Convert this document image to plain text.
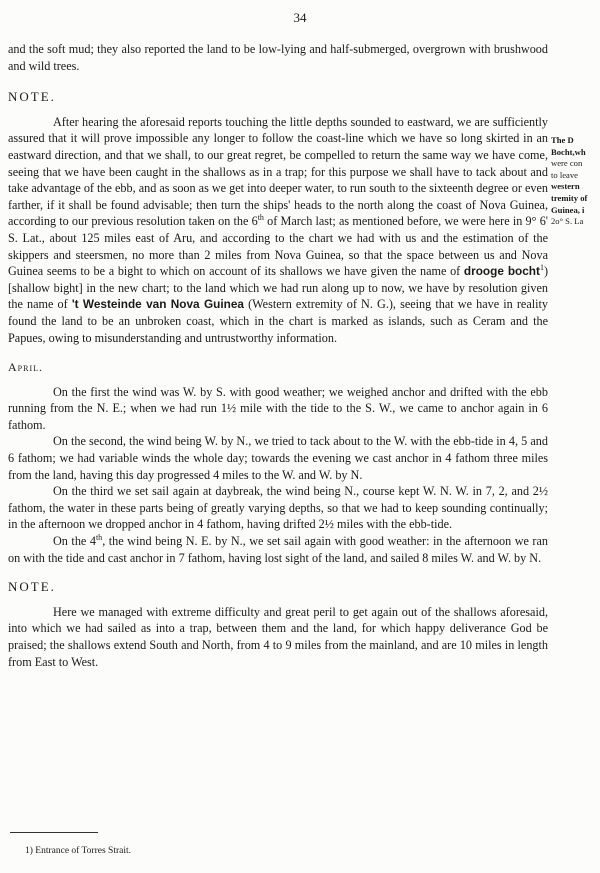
34

and the soft mud; they also reported the land to be low-lying and half-submerged, overgrown with brushwood and wild trees.

NOTE.

After hearing the aforesaid reports touching the little depths sounded to eastward, we are sufficiently assured that it will prove impossible any longer to follow the coast-line which we have so long skirted in an eastward direction, and that we shall, to our great regret, be compelled to return the same way we have come, seeing that we have been caught in the shallows as in a trap; for this purpose we shall have to tack about and take advantage of the ebb, and as soon as we get into deeper water, to run south to the sixteenth degree or even farther, if it shall be found advisable; then turn the ships' heads to the north along the coast of Nova Guinea, according to our previous resolution taken on the 6th of March last; as mentioned before, we were here in 9° 6' S. Lat., about 125 miles east of Aru, and according to the chart we had with us and the estimation of the skippers and steersmen, no more than 2 miles from Nova Guinea, so that the space between us and Nova Guinea seems to be a bight to which on account of its shallows we have given the name of drooge bocht$^1$) [shallow bight] in the new chart; to the land which we had run along up to now, we have by resolution given the name of 't Westeinde van Nova Guinea (Western extremity of N. G.), seeing that we have in reality found the land to be an unbroken coast, which in the chart is marked as islands, such as Ceram and the Papues, owing to misunderstanding and untrustworthy information.

April.

On the first the wind was W. by S. with good weather; we weighed anchor and drifted with the ebb running from the N. E.; when we had run 1½ mile with the tide to the S. W., we came to anchor again in 6 fathom.

On the second, the wind being W. by N., we tried to tack about to the W. with the ebb-tide in 4, 5 and 6 fathom; we had variable winds the whole day; towards the evening we cast anchor in 4 fathom three miles from the land, having this day progressed 4 miles to the W. and W. by N.

On the third we set sail again at daybreak, the wind being N., course kept W. N. W. in 7, 2, and 2½ fathom, the water in these parts being of greatly varying depths, so that we had to keep sounding continually; in the afternoon we dropped anchor in 4 fathom, having drifted 2½ miles with the ebb-tide.

On the 4th, the wind being N. E. by N., we set sail again with good weather: in the afternoon we ran on with the tide and cast anchor in 7 fathom, having lost sight of the land, and sailed 8 miles W. and W. by N.

NOTE.

Here we managed with extreme difficulty and great peril to get again out of the shallows aforesaid, into which we had sailed as into a trap, between them and the land, for which happy deliverance God be praised; the shallows extend South and North, from 4 to 9 miles from the mainland, and are 10 miles in length from East to West.

The D
Bocht,wh
were con
to leave
western
tremity of
Guinea, i
2o° S. La
1) Entrance of Torres Strait.
